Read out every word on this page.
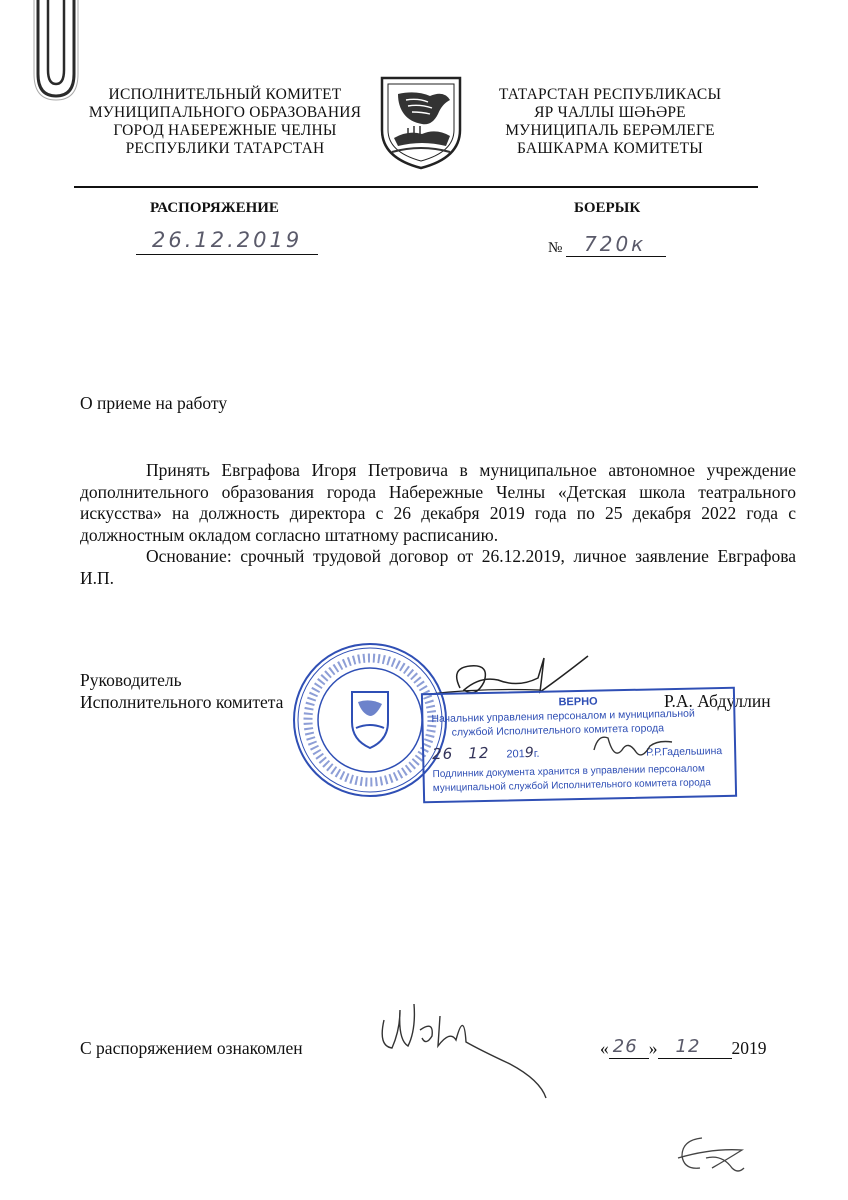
ИСПОЛНИТЕЛЬНЫЙ КОМИТЕТ
МУНИЦИПАЛЬНОГО ОБРАЗОВАНИЯ
ГОРОД НАБЕРЕЖНЫЕ ЧЕЛНЫ
РЕСПУБЛИКИ ТАТАРСТАН
ТАТАРСТАН РЕСПУБЛИКАСЫ
ЯР ЧАЛЛЫ ШӘҺӘРЕ
МУНИЦИПАЛЬ БЕРӘМЛЕГЕ
БАШКАРМА КОМИТЕТЫ
РАСПОРЯЖЕНИЕ	БОЕРЫК
26.12.2019	№ 720к
О приеме на работу

Принять Евграфова Игоря Петровича в муниципальное автономное учреждение дополнительного образования города Набережные Челны «Детская школа театрального искусства» на должность директора с 26 декабря 2019 года по 25 декабря 2022 года с должностным окладом согласно штатному расписанию.

Основание: срочный трудовой договор от 26.12.2019, личное заявление Евграфова И.П.

Руководитель
Исполнительного комитета	Р.А. Абдуллин
ВЕРНО
Начальник управления персоналом и муниципальной
службой Исполнительного комитета города
26 12 2019г.	Р.Р.Гадельшина
Подлинник документа хранится в управлении персоналом
муниципальной службой Исполнительного комитета города
С распоряжением ознакомлен	« 26 » 12 2019
